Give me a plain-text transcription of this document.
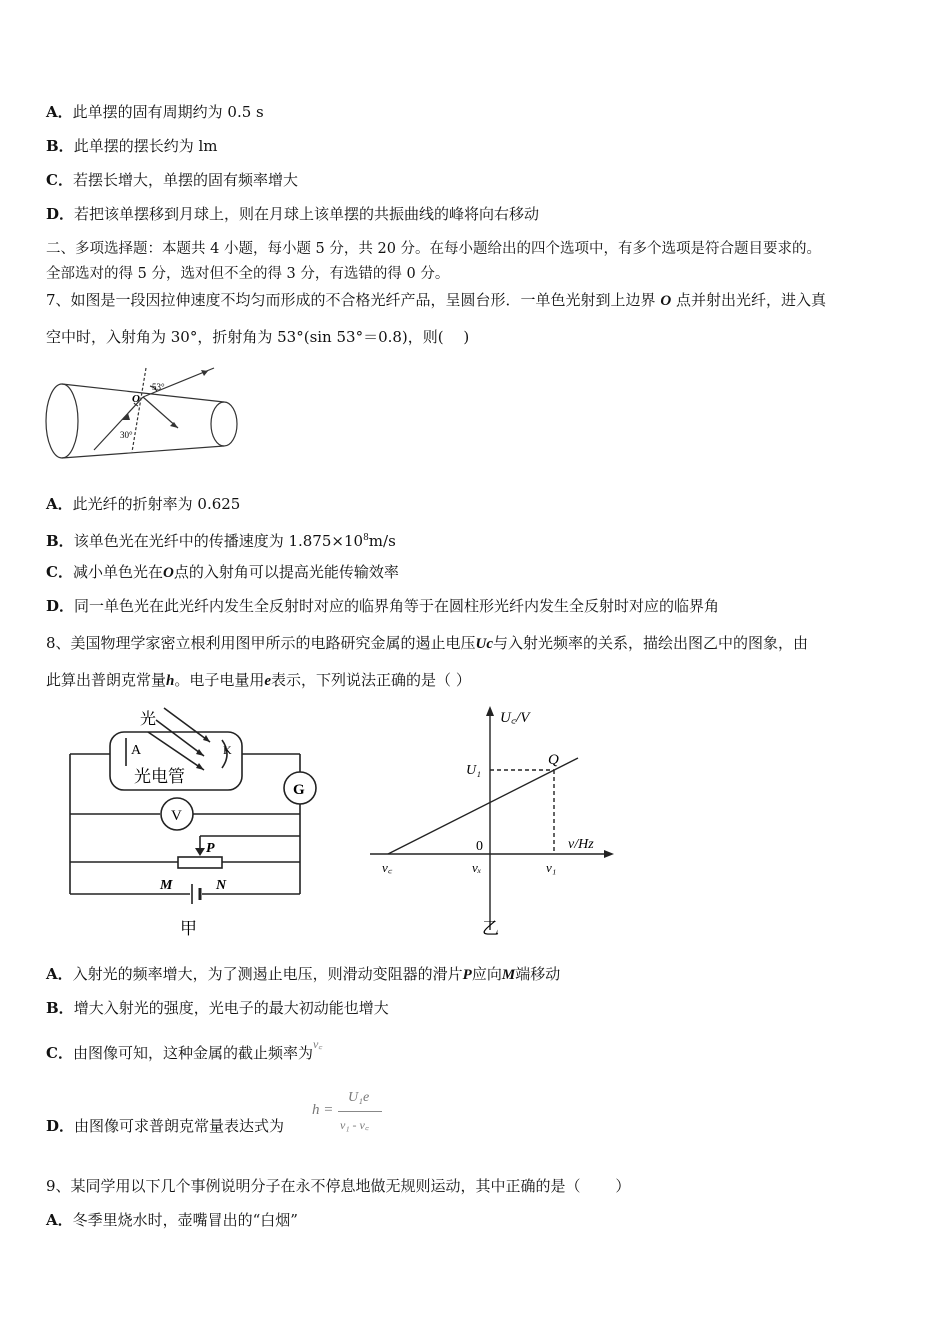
A．此单摆的固有周期约为 0.5 s
B．此单摆的摆长约为 lm
C．若摆长增大，单摆的固有频率增大
D．若把该单摆移到月球上，则在月球上该单摆的共振曲线的峰将向右移动
二、多项选择题：本题共 4 小题，每小题 5 分，共 20 分。在每小题给出的四个选项中，有多个选项是符合题目要求的。
全部选对的得 5 分，选对但不全的得 3 分，有选错的得 0 分。
7、如图是一段因拉伸速度不均匀而形成的不合格光纤产品，呈圆台形．一单色光射到上边界 O 点并射出光纤，进入真
空中时，入射角为 30°，折射角为 53°(sin 53°＝0.8)，则(　 )
O
53°
30°
A．此光纤的折射率为 0.625
B．该单色光在光纤中的传播速度为 $1.875\times 10^8m/s$
C．减小单色光在O点的入射角可以提高光能传输效率
D．同一单色光在此光纤内发生全反射时对应的临界角等于在圆柱形光纤内发生全反射时对应的临界角
8、美国物理学家密立根利用图甲所示的电路研究金属的遏止电压Uc与入射光频率的关系，描绘出图乙中的图象，由
此算出普朗克常量h。电子电量用e表示，下列说法正确的是（ ）
光
A	K
光电管
G
V
P
M	N
甲
U꜀/V
ν/Hz
0
U₁
Q
ν꜀	νₓ	ν₁
乙
A．入射光的频率增大，为了测遏止电压，则滑动变阻器的滑片P应向M端移动
B．增大入射光的强度，光电子的最大初动能也增大
C．由图像可知，这种金属的截止频率为ν꜀
D．由图像可求普朗克常量表达式为
h =
U₁e
ν₁ - ν꜀
9、某同学用以下几个事例说明分子在永不停息地做无规则运动，其中正确的是（　　 ）
A．冬季里烧水时，壶嘴冒出的“白烟”
